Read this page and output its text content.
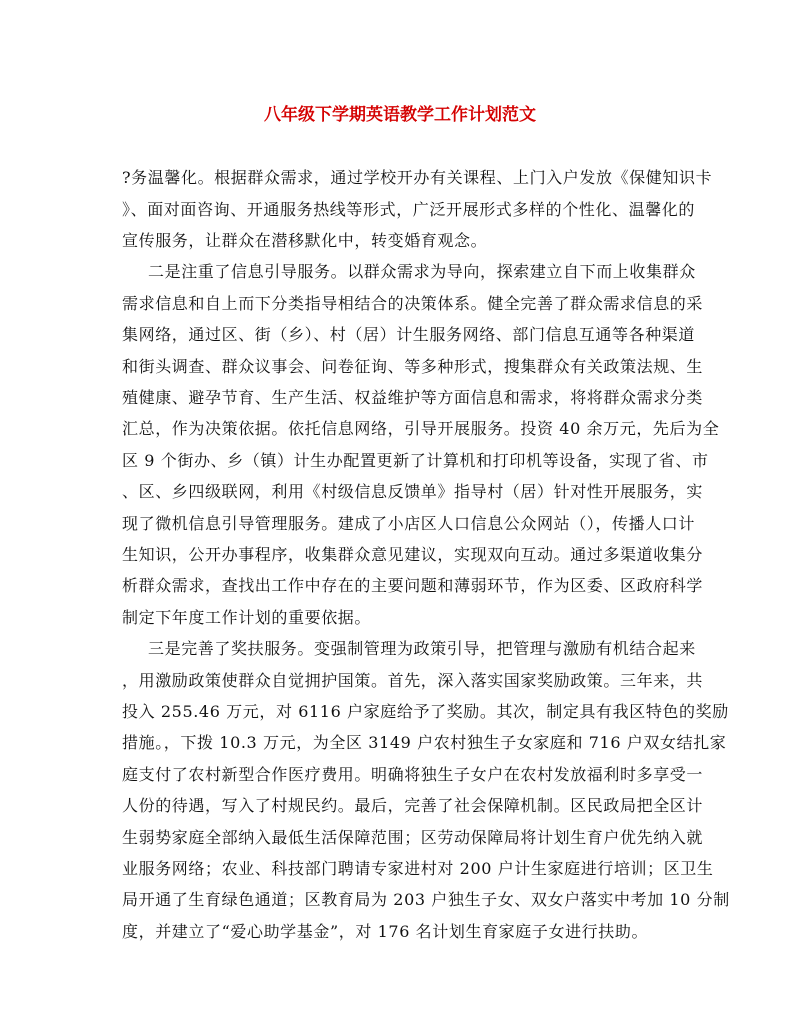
八年级下学期英语教学工作计划范文
?务温馨化。根据群众需求，通过学校开办有关课程、上门入户发放《保健知识卡
》、面对面咨询、开通服务热线等形式，广泛开展形式多样的个性化、温馨化的
宣传服务，让群众在潜移默化中，转变婚育观念。
二是注重了信息引导服务。以群众需求为导向，探索建立自下而上收集群众
需求信息和自上而下分类指导相结合的决策体系。健全完善了群众需求信息的采
集网络，通过区、街（乡）、村（居）计生服务网络、部门信息互通等各种渠道
和街头调查、群众议事会、问卷征询、等多种形式，搜集群众有关政策法规、生
殖健康、避孕节育、生产生活、权益维护等方面信息和需求，将将群众需求分类
汇总，作为决策依据。依托信息网络，引导开展服务。投资 40 余万元，先后为全
区 9 个街办、乡（镇）计生办配置更新了计算机和打印机等设备，实现了省、市
、区、乡四级联网，利用《村级信息反馈单》指导村（居）针对性开展服务，实
现了微机信息引导管理服务。建成了小店区人口信息公众网站（），传播人口计
生知识，公开办事程序，收集群众意见建议，实现双向互动。通过多渠道收集分
析群众需求，查找出工作中存在的主要问题和薄弱环节，作为区委、区政府科学
制定下年度工作计划的重要依据。
三是完善了奖扶服务。变强制管理为政策引导，把管理与激励有机结合起来
，用激励政策使群众自觉拥护国策。首先，深入落实国家奖励政策。三年来，共
投入 255.46 万元，对 6116 户家庭给予了奖励。其次，制定具有我区特色的奖励
措施。，下拨 10.3 万元，为全区 3149 户农村独生子女家庭和 716 户双女结扎家
庭支付了农村新型合作医疗费用。明确将独生子女户在农村发放福利时多享受一
人份的待遇，写入了村规民约。最后，完善了社会保障机制。区民政局把全区计
生弱势家庭全部纳入最低生活保障范围；区劳动保障局将计划生育户优先纳入就
业服务网络；农业、科技部门聘请专家进村对 200 户计生家庭进行培训；区卫生
局开通了生育绿色通道；区教育局为 203 户独生子女、双女户落实中考加 10 分制
度，并建立了“爱心助学基金”，对 176 名计划生育家庭子女进行扶助。
